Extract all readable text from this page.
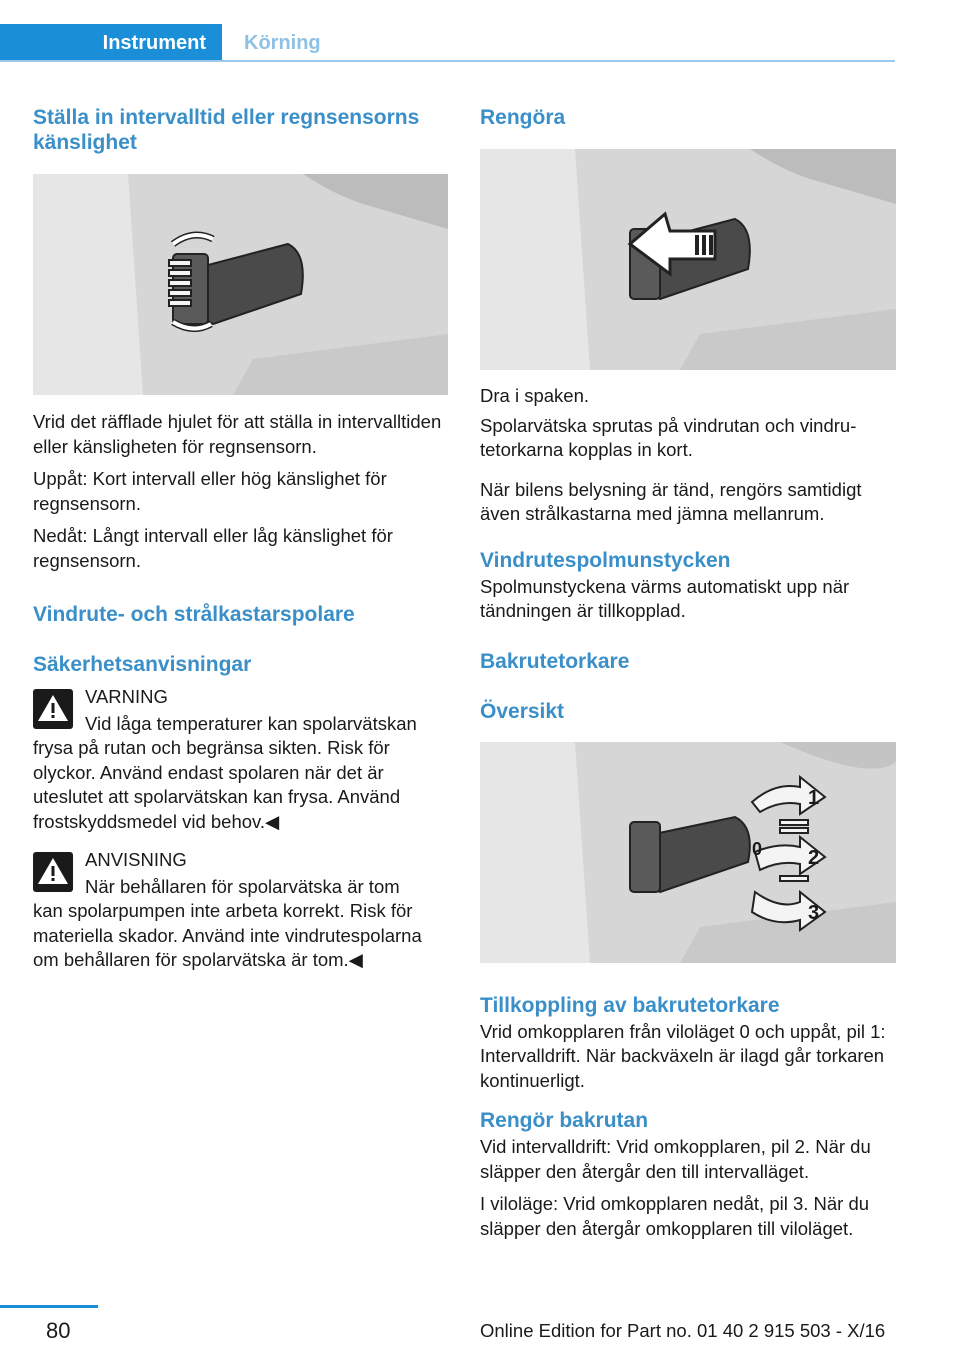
Instrument	Körning
Ställa in intervalltid eller regnsensorns känslighet

Vrid det räfflade hjulet för att ställa in intervalltiden eller känsligheten för regnsensorn.

Uppåt: Kort intervall eller hög känslighet för regnsensorn.

Nedåt: Långt intervall eller låg känslighet för regnsensorn.

Vindrute- och strålkastarspolare
Säkerhetsanvisningar

VARNING

Vid låga temperaturer kan spolarvätskan

frysa på rutan och begränsa sikten. Risk för olyckor. Använd endast spolaren när det är uteslutet att spolarvätskan kan frysa. Använd frostskyddsmedel vid behov.◀

ANVISNING

När behållaren för spolarvätska är tom

kan spolarpumpen inte arbeta korrekt. Risk för materiella skador. Använd inte vindrutespolarna om behållaren för spolarvätska är tom.◀

Rengöra

Dra i spaken.

Spolarvätska sprutas på vindrutan och vindrutetorkarna kopplas in kort.

När bilens belysning är tänd, rengörs samtidigt även strålkastarna med jämna mellanrum.

Vindrutespolmunstycken

Spolmunstyckena värms automatiskt upp när tändningen är tillkopplad.

Bakrutetorkare
Översikt
1
0 2
3
Tillkoppling av bakrutetorkare

Vrid omkopplaren från viloläget 0 och uppåt, pil 1: Intervalldrift. När backväxeln är ilagd går torkaren kontinuerligt.

Rengör bakrutan

Vid intervalldrift: Vrid omkopplaren, pil 2. När du släpper den återgår den till intervalläget.

I viloläge: Vrid omkopplaren nedåt, pil 3. När du släpper den återgår omkopplaren till viloläget.

80	Online Edition for Part no. 01 40 2 915 503 - X/16
